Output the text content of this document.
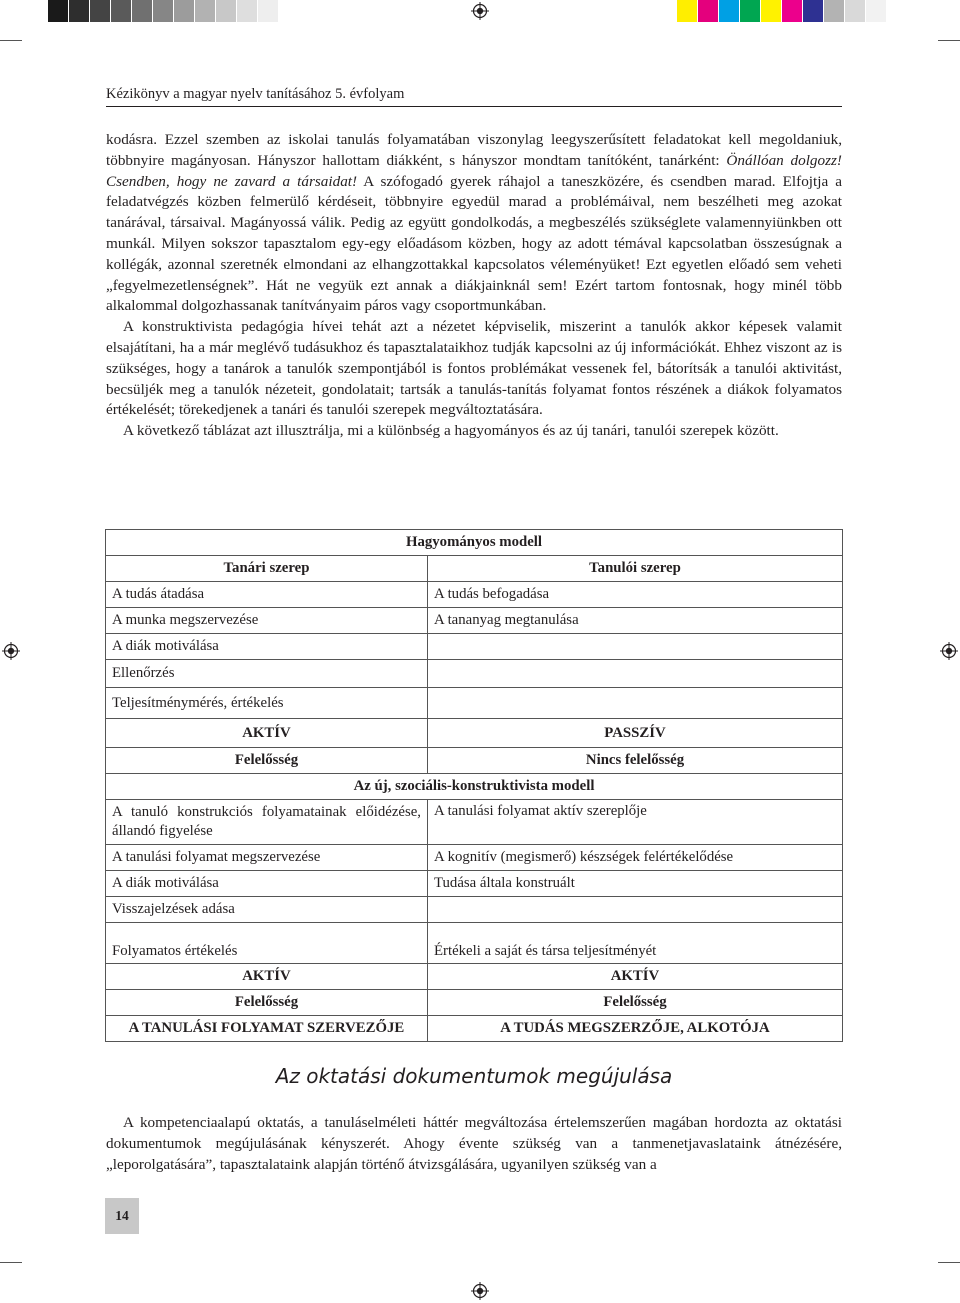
Kézikönyv a magyar nyelv tanításához 5. évfolyam

kodásra. Ezzel szemben az iskolai tanulás folyamatában viszonylag leegyszerűsített feladatokat kell megoldaniuk, többnyire magányosan. Hányszor hallottam diákként, s hányszor mondtam tanítóként, tanárként: Önállóan dolgozz! Csendben, hogy ne zavard a társaidat! A szófogadó gyerek ráhajol a taneszközére, és csendben marad. Elfojtja a feladatvégzés közben felmerülő kérdéseit, többnyire egyedül marad a problémáival, nem beszélheti meg azokat tanárával, társaival. Magányossá válik. Pedig az együtt gondolkodás, a megbeszélés szükséglete valamennyiünkben ott munkál. Milyen sokszor tapasztalom egy-egy előadásom közben, hogy az adott témával kapcsolatban összesúgnak a kollégák, azonnal szeretnék elmondani az elhangzottakkal kapcsolatos véleményüket! Ezt egyetlen előadó sem veheti „fegyelmezetlenségnek”. Hát ne vegyük ezt annak a diákjainknál sem! Ezért tartom fontosnak, hogy minél több alkalommal dolgozhassanak tanítványaim páros vagy csoportmunkában.

A konstruktivista pedagógia hívei tehát azt a nézetet képviselik, miszerint a tanulók akkor képesek valamit elsajátítani, ha a már meglévő tudásukhoz és tapasztalataikhoz tudják kapcsolni az új információkát. Ehhez viszont az is szükséges, hogy a tanárok a tanulók szempontjából is fontos problémákat vessenek fel, bátorítsák a tanulói aktivitást, becsüljék meg a tanulók nézeteit, gondolatait; tartsák a tanulás-tanítás folyamat fontos részének a diákok folyamatos értékelését; törekedjenek a tanári és tanulói szerepek megváltoztatására.

A következő táblázat azt illusztrálja, mi a különbség a hagyományos és az új tanári, tanulói szerepek között.

Hagyományos modell	
Tanári szerep	Tanulói szerep
A tudás átadása	A tudás befogadása
A munka megszervezése	A tananyag megtanulása
A diák motiválása	
Ellenőrzés	
Teljesítménymérés, értékelés	
AKTÍV	PASSZÍV
Felelősség	Nincs felelősség
Az új, szociális-konstruktivista modell	
A tanuló konstrukciós folyamatainak előidézése, állandó figyelése	A tanulási folyamat aktív szereplője
A tanulási folyamat megszervezése	A kognitív (megismerő) készségek felértékelődése
A diák motiválása	Tudása általa konstruált
Visszajelzések adása	
Folyamatos értékelés	Értékeli a saját és társa teljesítményét
AKTÍV	AKTÍV
Felelősség	Felelősség
A TANULÁSI FOLYAMAT SZERVEZŐJE	A TUDÁS MEGSZERZŐJE, ALKOTÓJA
Az oktatási dokumentumok megújulása

A kompetenciaalapú oktatás, a tanuláselméleti háttér megváltozása értelemszerűen magában hordozta az oktatási dokumentumok megújulásának kényszerét. Ahogy évente szükség van a tanmenetjavaslataink átnézésére, „leporolgatására”, tapasztalataink alapján történő átvizsgálására, ugyanilyen szükség van a

14
